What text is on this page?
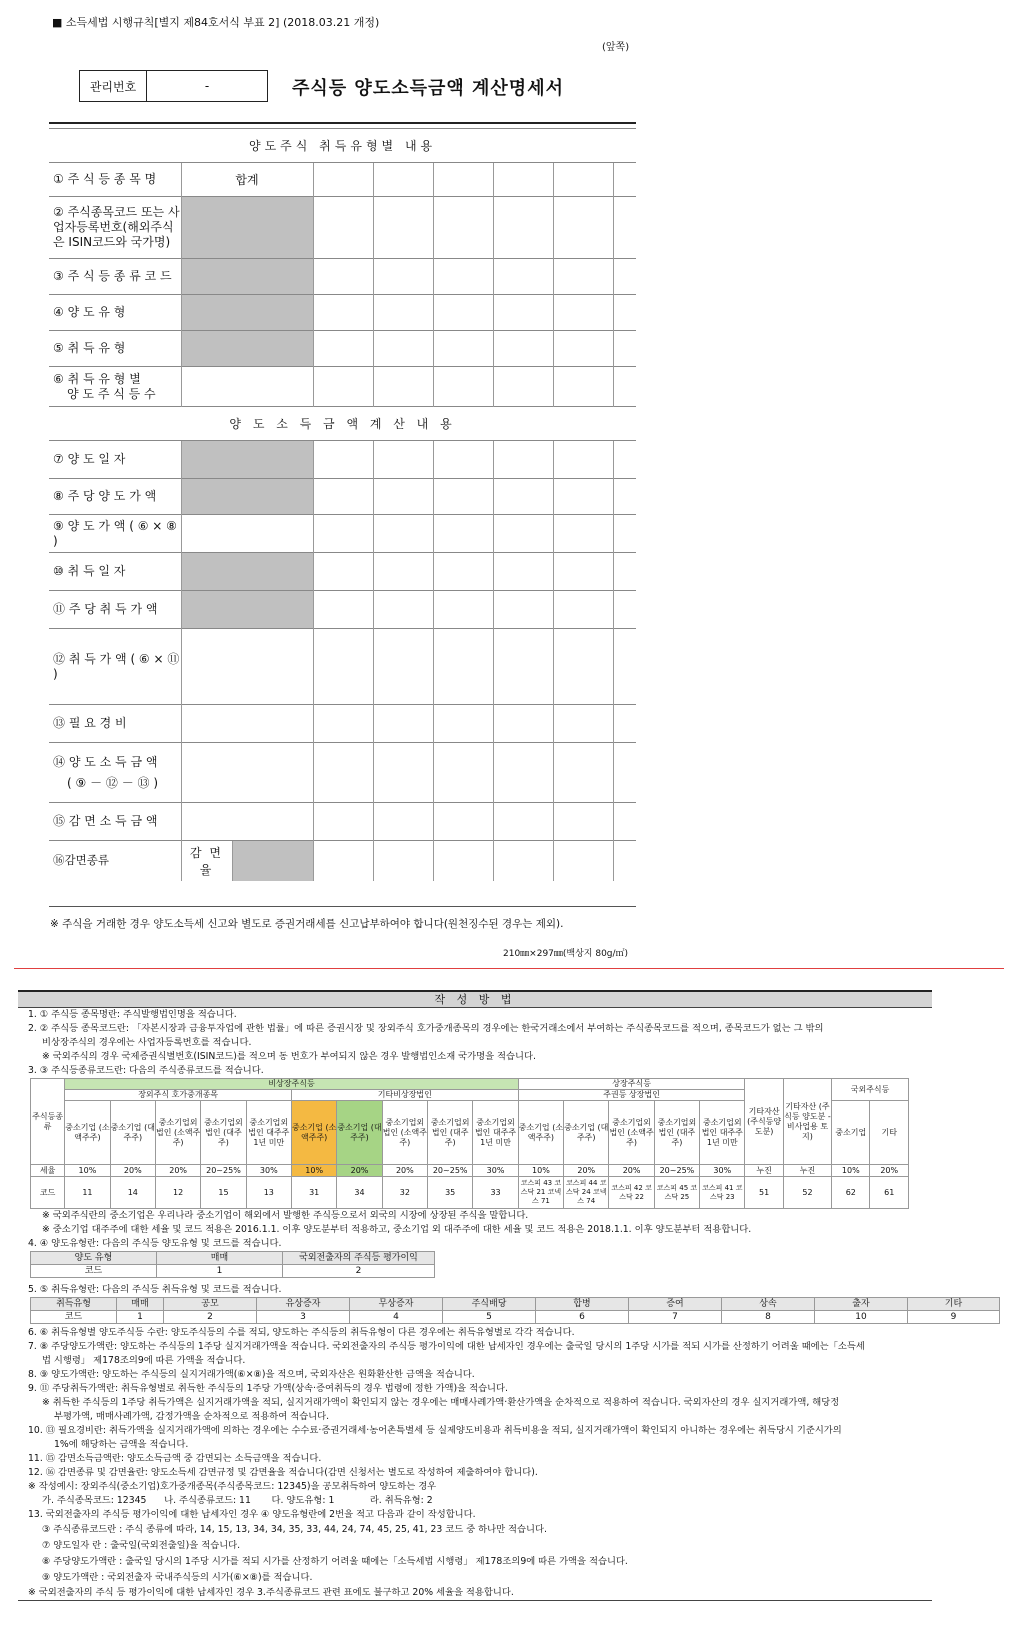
■ 소득세법 시행규칙[별지 제84호서식 부표 2] (2018.03.21 개정)
(앞쪽)
관리번호	-	주식등 양도소득금액 계산명세서
양도주식 취득유형별 내용								
① 주 식 등 종 목 명	합계							
② 주식종목코드 또는 사업자등록번호(해외주식은 ISIN코드와 국가명)								
③ 주 식 등 종 류 코 드								
④ 양 도 유 형								
⑤ 취 득 유 형								

⑥ 취 득 유 형 별
양 도 주 식 등 수								

양 도 소 득 금 액 계 산 내 용								
⑦ 양 도 일 자								
⑧ 주 당 양 도 가 액								
⑨ 양 도 가 액 ( ⑥ × ⑧ )								
⑩ 취 득 일 자								
⑪ 주 당 취 득 가 액								
⑫ 취 득 가 액 ( ⑥ × ⑪ )								
⑬ 필 요 경 비								

⑭ 양 도 소 득 금 액
( ⑨ － ⑫ － ⑬ )								

⑮ 감 면 소 득 금 액								
⑯감면종류	감 면 율							
※ 주식을 거래한 경우 양도소득세 신고와 별도로 증권거래세를 신고납부하여야 합니다(원천징수된 경우는 제외).
210㎜×297㎜(백상지 80g/㎡)
작 성 방 법
1. ① 주식등 종목명란: 주식발행법인명을 적습니다.
2. ② 주식등 종목코드란: 「자본시장과 금융투자업에 관한 법률」에 따른 증권시장 및 장외주식 호가중개종목의 경우에는 한국거래소에서 부여하는 주식종목코드를 적으며, 종목코드가 없는 그 밖의
비상장주식의 경우에는 사업자등록번호를 적습니다.
※ 국외주식의 경우 국제증권식별번호(ISIN코드)를 적으며 동 번호가 부여되지 않은 경우 발행법인소재 국가명을 적습니다.
3. ③ 주식등종류코드란: 다음의 주식종류코드를 적습니다.
주식등종류	비상장주식등										상장주식등					기타자산(주식등양도분)	기타자산 (주식등 양도분 -비사업용 토지)	국외주식등	
	장외주식 호가중개종목					기타비상장법인					주권등 상장법인								
	중소기업 (소액주주)	중소기업 (대주주)	중소기업외 법인 (소액주주)	중소기업외 법인 (대주주)	중소기업외 법인 대주주 1년 미만	중소기업 (소액주주)	중소기업 (대주주)	중소기업외 법인 (소액주주)	중소기업외 법인 (대주주)	중소기업외 법인 대주주 1년 미만	중소기업 (소액주주)	중소기업 (대주주)	중소기업외 법인 (소액주주)	중소기업외 법인 (대주주)	중소기업외 법인 대주주 1년 미만			중소기업	기타
세율	10%	20%	20%	20~25%	30%	10%	20%	20%	20~25%	30%	10%	20%	20%	20~25%	30%	누진	누진	10%	20%
코드	11	14	12	15	13	31	34	32	35	33	코스피 43 코스닥 21 코넥스 71	코스피 44 코스닥 24 코넥스 74	코스피 42 코스닥 22	코스피 45 코스닥 25	코스피 41 코스닥 23	51	52	62	61
※ 국외주식란의 중소기업은 우리나라 중소기업이 해외에서 발행한 주식등으로서 외국의 시장에 상장된 주식을 말합니다.
※ 중소기업 대주주에 대한 세율 및 코드 적용은 2016.1.1. 이후 양도분부터 적용하고, 중소기업 외 대주주에 대한 세율 및 코드 적용은 2018.1.1. 이후 양도분부터 적용합니다.
4. ④ 양도유형란: 다음의 주식등 양도유형 및 코드를 적습니다.
양도 유형	매매	국외전출자의 주식등 평가이익
코드	1	2
5. ⑤ 취득유형란: 다음의 주식등 취득유형 및 코드를 적습니다.
취득유형	매매	공모	유상증자	무상증자	주식배당	합병	증여	상속	출자	기타
코드	1	2	3	4	5	6	7	8	10	9
6. ⑥ 취득유형별 양도주식등 수란: 양도주식등의 수를 적되, 양도하는 주식등의 취득유형이 다른 경우에는 취득유형별로 각각 적습니다.
7. ⑧ 주당양도가액란: 양도하는 주식등의 1주당 실지거래가액을 적습니다. 국외전출자의 주식등 평가이익에 대한 납세자인 경우에는 출국일 당시의 1주당 시가를 적되 시가를 산정하기 어려울 때에는「소득세
법 시행령」 제178조의9에 따른 가액을 적습니다.
8. ⑨ 양도가액란: 양도하는 주식등의 실지거래가액(⑥×⑧)을 적으며, 국외자산은 원화환산한 금액을 적습니다.
9. ⑪ 주당취득가액란: 취득유형별로 취득한 주식등의 1주당 가액(상속·증여취득의 경우 법령에 정한 가액)을 적습니다.
※ 취득한 주식등의 1주당 취득가액은 실지거래가액을 적되, 실지거래가액이 확인되지 않는 경우에는 매매사례가액·환산가액을 순차적으로 적용하여 적습니다. 국외자산의 경우 실지거래가액, 해당정
부평가액, 매매사례가액, 감정가액을 순차적으로 적용하여 적습니다.
10. ⑬ 필요경비란: 취득가액을 실지거래가액에 의하는 경우에는 수수료·증권거래세·농어촌특별세 등 실제양도비용과 취득비용을 적되, 실지거래가액이 확인되지 아니하는 경우에는 취득당시 기준시가의
1%에 해당하는 금액을 적습니다.
11. ⑮ 감면소득금액란: 양도소득금액 중 감면되는 소득금액을 적습니다.
12. ⑯ 감면종류 및 감면율란: 양도소득세 감면규정 및 감면율을 적습니다(감면 신청서는 별도로 작성하여 제출하여야 합니다).
※ 작성예시: 장외주식(중소기업)호가중개종목(주식종목코드: 12345)을 공모취득하여 양도하는 경우
가. 주식종목코드: 12345      나. 주식종류코드: 11       다. 양도유형: 1            라. 취득유형: 2
13. 국외전출자의 주식등 평가이익에 대한 납세자인 경우 ④ 양도유형란에 2번을 적고 다음과 같이 작성합니다.
③ 주식종류코드란 : 주식 종류에 따라, 14, 15, 13, 34, 34, 35, 33, 44, 24, 74, 45, 25, 41, 23 코드 중 하나만 적습니다.
⑦ 양도일자 란 : 출국일(국외전출일)을 적습니다.
⑧ 주당양도가액란 : 출국일 당시의 1주당 시가를 적되 시가를 산정하기 어려울 때에는「소득세법 시행령」 제178조의9에 따른 가액을 적습니다.
⑨ 양도가액란 : 국외전출자 국내주식등의 시가(⑥×⑧)를 적습니다.
※ 국외전출자의 주식 등 평가이익에 대한 납세자인 경우 3.주식종류코드 관련 표에도 불구하고 20% 세율을 적용합니다.
